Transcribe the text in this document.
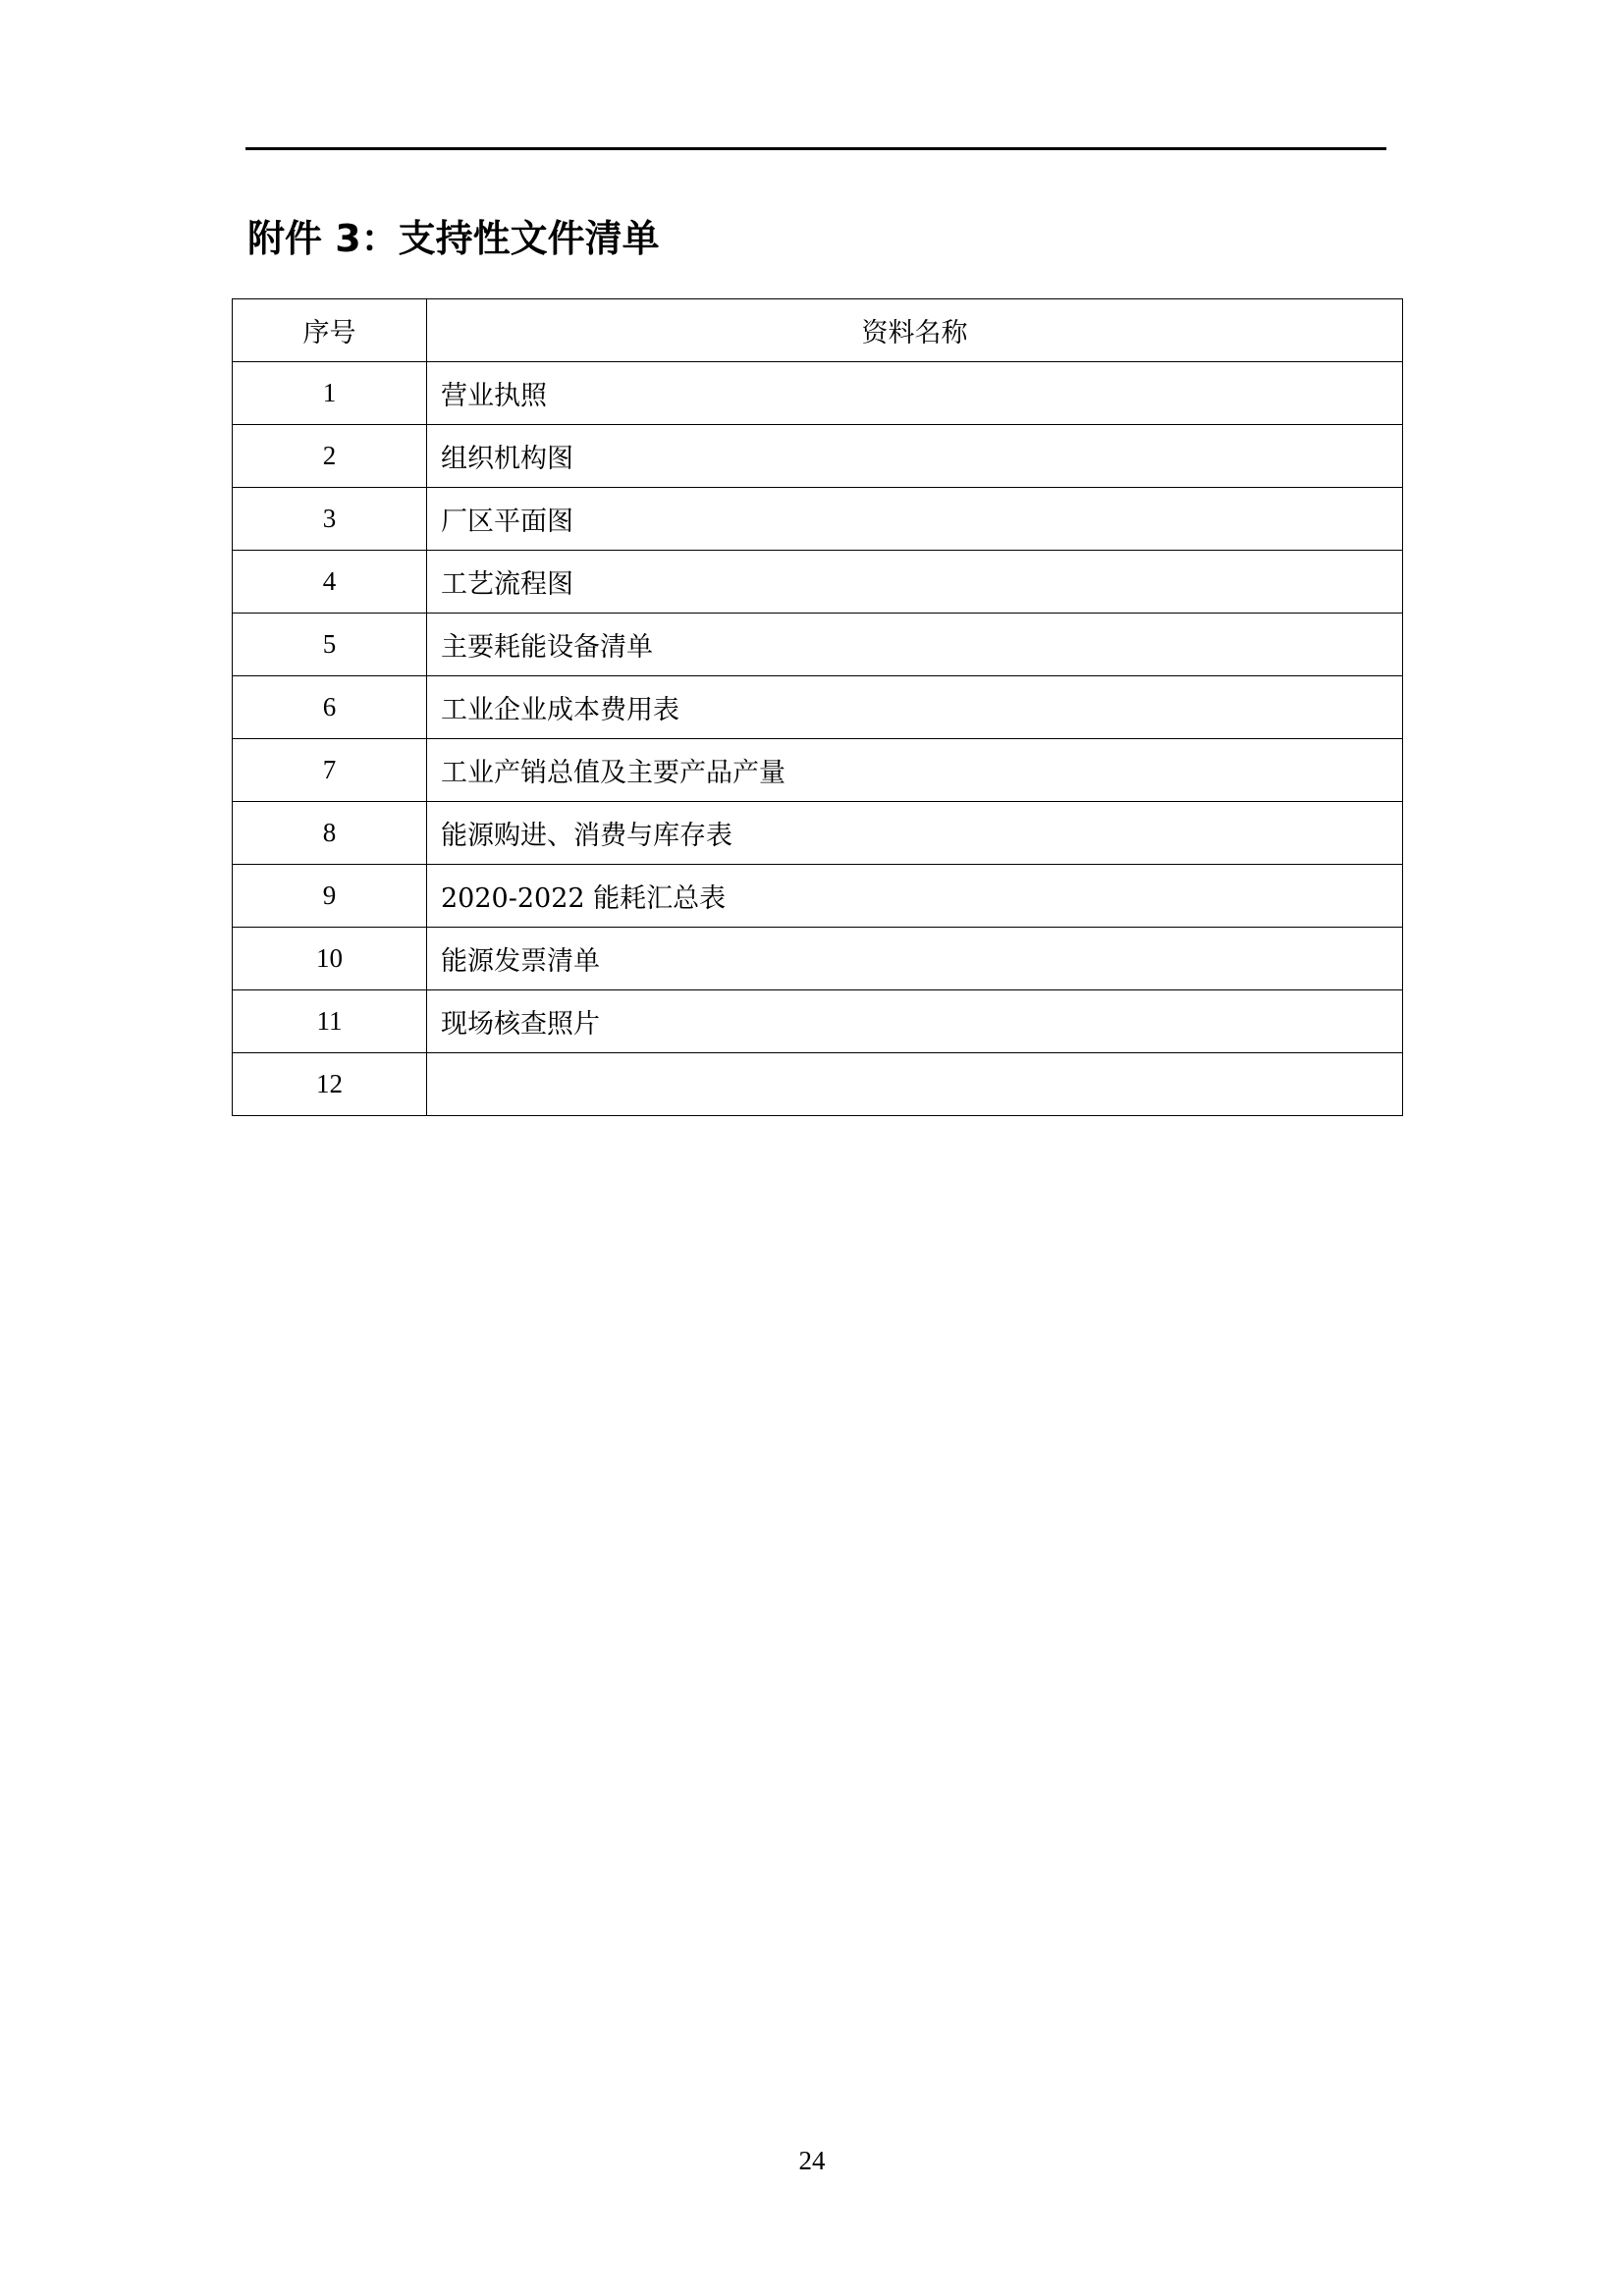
附件 3：支持性文件清单
序号	资料名称
1	营业执照
2	组织机构图
3	厂区平面图
4	工艺流程图
5	主要耗能设备清单
6	工业企业成本费用表
7	工业产销总值及主要产品产量
8	能源购进、消费与库存表
9	2020-2022 能耗汇总表
10	能源发票清单
11	现场核查照片
12	
24
